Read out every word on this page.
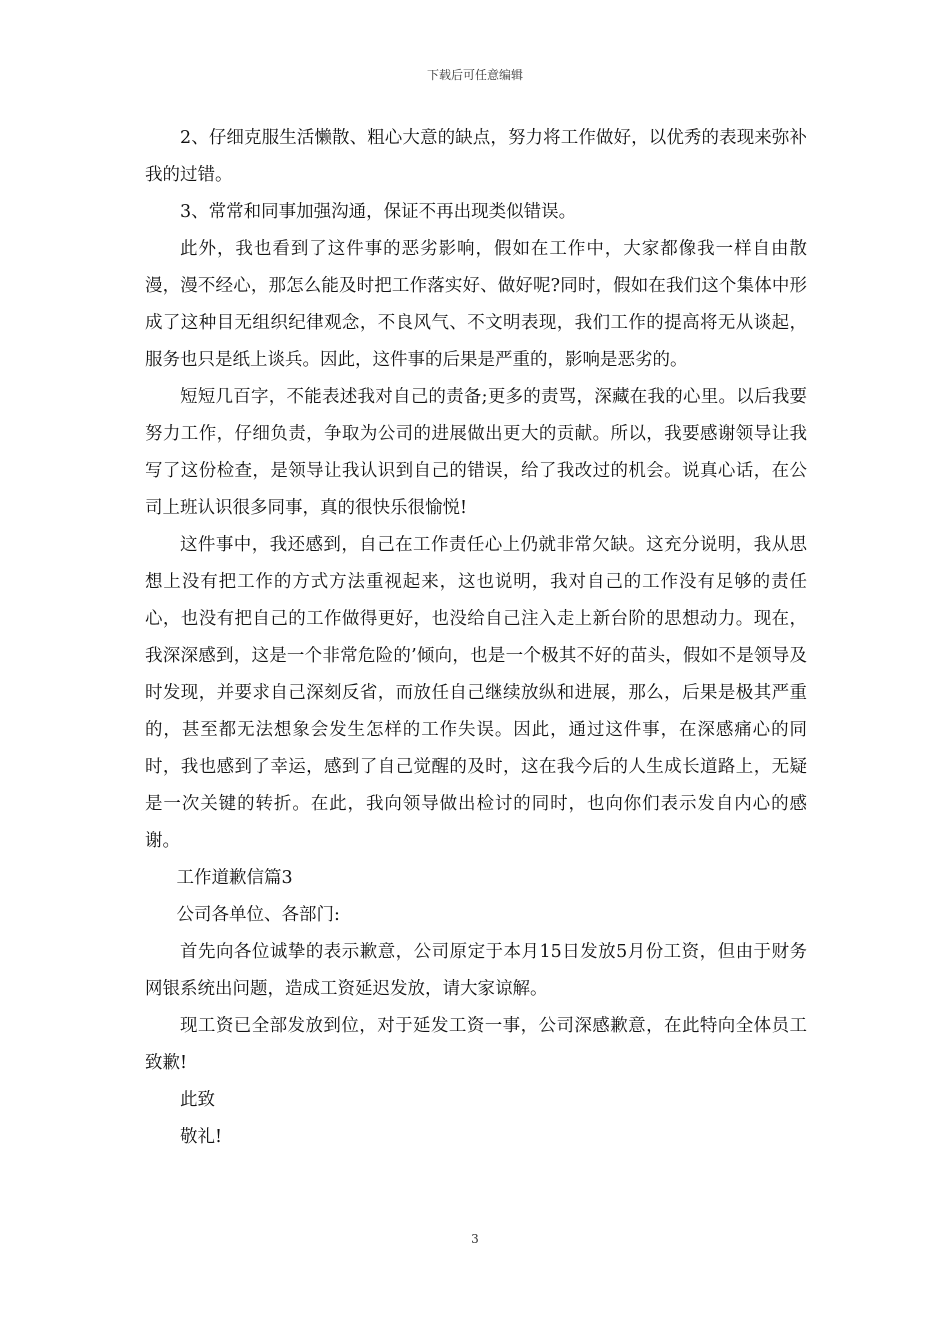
下载后可任意编辑

2、仔细克服生活懒散、粗心大意的缺点，努力将工作做好，以优秀的表现来弥补我的过错。

3、常常和同事加强沟通，保证不再出现类似错误。

此外，我也看到了这件事的恶劣影响，假如在工作中，大家都像我一样自由散漫，漫不经心，那怎么能及时把工作落实好、做好呢?同时，假如在我们这个集体中形成了这种目无组织纪律观念，不良风气、不文明表现，我们工作的提高将无从谈起，服务也只是纸上谈兵。因此，这件事的后果是严重的，影响是恶劣的。

短短几百字，不能表述我对自己的责备;更多的责骂，深藏在我的心里。以后我要努力工作，仔细负责，争取为公司的进展做出更大的贡献。所以，我要感谢领导让我写了这份检查，是领导让我认识到自己的错误，给了我改过的机会。说真心话，在公司上班认识很多同事，真的很快乐很愉悦!

这件事中，我还感到，自己在工作责任心上仍就非常欠缺。这充分说明，我从思想上没有把工作的方式方法重视起来，这也说明，我对自己的工作没有足够的责任心，也没有把自己的工作做得更好，也没给自己注入走上新台阶的思想动力。现在，我深深感到，这是一个非常危险的’倾向，也是一个极其不好的苗头，假如不是领导及时发现，并要求自己深刻反省，而放任自己继续放纵和进展，那么，后果是极其严重的，甚至都无法想象会发生怎样的工作失误。因此，通过这件事，在深感痛心的同时，我也感到了幸运，感到了自己觉醒的及时，这在我今后的人生成长道路上，无疑是一次关键的转折。在此，我向领导做出检讨的同时，也向你们表示发自内心的感谢。

工作道歉信篇3

公司各单位、各部门:

首先向各位诚挚的表示歉意，公司原定于本月15日发放5月份工资，但由于财务网银系统出问题，造成工资延迟发放，请大家谅解。

现工资已全部发放到位，对于延发工资一事，公司深感歉意，在此特向全体员工致歉!

此致

敬礼!

3
